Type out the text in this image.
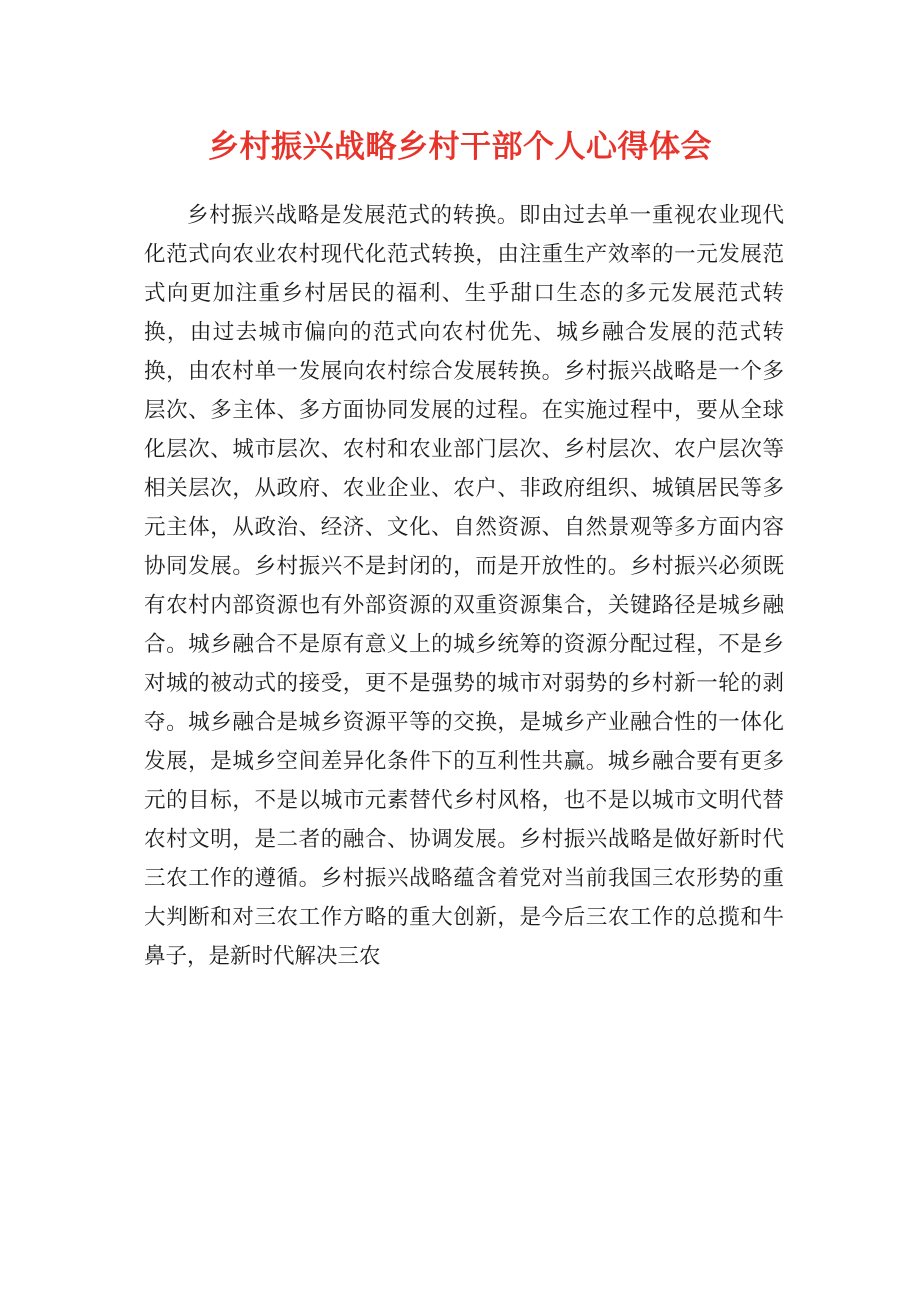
乡村振兴战略乡村干部个人心得体会

乡村振兴战略是发展范式的转换。即由过去单一重视农业现代化范式向农业农村现代化范式转换，由注重生产效率的一元发展范式向更加注重乡村居民的福利、生乎甜口生态的多元发展范式转换，由过去城市偏向的范式向农村优先、城乡融合发展的范式转换，由农村单一发展向农村综合发展转换。乡村振兴战略是一个多层次、多主体、多方面协同发展的过程。在实施过程中，要从全球化层次、城市层次、农村和农业部门层次、乡村层次、农户层次等相关层次，从政府、农业企业、农户、非政府组织、城镇居民等多元主体，从政治、经济、文化、自然资源、自然景观等多方面内容协同发展。乡村振兴不是封闭的，而是开放性的。乡村振兴必须既有农村内部资源也有外部资源的双重资源集合，关键路径是城乡融合。城乡融合不是原有意义上的城乡统筹的资源分配过程，不是乡对城的被动式的接受，更不是强势的城市对弱势的乡村新一轮的剥夺。城乡融合是城乡资源平等的交换，是城乡产业融合性的一体化发展，是城乡空间差异化条件下的互利性共赢。城乡融合要有更多元的目标，不是以城市元素替代乡村风格，也不是以城市文明代替农村文明，是二者的融合、协调发展。乡村振兴战略是做好新时代三农工作的遵循。乡村振兴战略蕴含着党对当前我国三农形势的重大判断和对三农工作方略的重大创新，是今后三农工作的总揽和牛鼻子，是新时代解决三农
